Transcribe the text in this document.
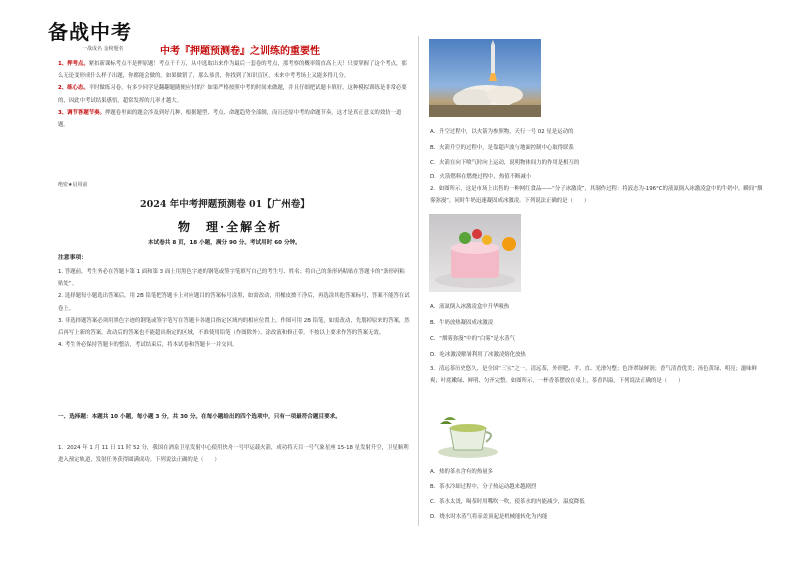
备战中考
一战成名 金榜题名	中考『押题预测卷』之训练的重要性

1、押考点。紧扣新课标考点不是押原题！考点千千万，从中选取出来作为最后一套卷的考点，那考察的概率简直高上天！只要掌握了这个考点，那么无论变形成什么样子出题，你都能会做的。如果做错了，那么恭喜，你找到了知识盲区，未来中考考场上又能多得几分。

2、练心态。平时做练习卷，有多少同学是翻翻题随便应付的？如果严格按照中考的时间来做题，并且仔细把试题卡填好，这种模拟训练是非常必要的，因此中考试结果感悟，超常发挥的几率才越大。

3、调节答题节奏。押题卷里面的题会涉及到好几种，根据题型、考点、命题趋势全部制，而且还原中考的命题节奏，这才是真正意义的效仿一道题。

绝密★启用前
2024 年中考押题预测卷 01【广州卷】
物　理·全解全析
本试卷共 8 页，18 小题，满分 90 分。考试用时 60 分钟。
注意事项：

1. 答题前，考生务必在答题卡第 1 面和第 3 面上用黑色字迹的钢笔或签字笔填写自己的考生号、姓名；将自己的条形码粘贴在答题卡的“条形码粘贴处”。

2. 选择题每小题选出答案后，用 2B 铅笔把答题卡上对应题目的答案标号涂黑，如需改动，用橡皮擦干净后，再选涂其他答案标号，答案不能答在试卷上。

3. 非选择题答案必须用黑色字迹的钢笔或签字笔写在答题卡各题目指定区域内的相应位置上，作图可用 2B 铅笔，如需改动，先划掉原来的答案，然后再写上新的答案，改动后的答案也不能超出指定的区域，不准使用铅笔（作图除外）、涂改液和修正带。不按以上要求作答的答案无效。

4. 考生务必保持答题卡的整洁，考试结束后，将本试卷和答题卡一并交回。

一、选择题：本题共 10 小题，每小题 3 分，共 30 分。在每小题给出的四个选项中，只有一项最符合题目要求。
1．2024 年 1 月 11 日 11 时 52 分，我国在酒泉卫星发射中心使用快舟一号甲运载火箭，成功将天目一号气象星座 15-18 星发射升空，卫星顺利进入预定轨道，发射任务获得圆满成功。下列说法正确的是（　　）
A．升空过程中，以火箭为参照物，天行一号 02 星是运动的
B．火箭升空的过程中，是靠超声波与地面控制中心取得联系
C．火箭在向下喷气时向上运动，说明物体间力的作用是相互的
D．火箭燃料在燃烧过程中，热值不断减小

2．如图所示，这是市场上出售的一种网红食品——“分子冰激凌”，其制作过程：将液态为-196°C的液氮倒入冰激凌盒中的牛奶中，瞬间“烟雾弥漫”，同时牛奶迅速凝固成冰激凌。下列说法正确的是（　　）

A．液氮倒入冰激凌盒中升华吸热
B．牛奶放热凝固成冰激凌
C．“烟雾弥漫”中的“白雾”是水蒸气
D．吃冰激凌解暑利用了冰激凌熔化放热

3．清远茶历史悠久，是全国“三宝”之一。清远茶，外形肥、平、直、光滑匀整；色泽翠绿鲜润；香气清香优美；汤色黄绿、明亮；滋味鲜爽；叶底嫩绿、鲜明、匀齐完整。如图所示，一杯香茶摆放在桌上，茶香四溢，下列说法正确的是（　　）

A．热的茶水含有的热量多
B．茶水冷却过程中，分子热运动越来越剧烈
C．茶水太烫，喝茶时用嘴吹一吹，使茶水的内能减少，温度降低
D．烧水时水蒸气将壶盖顶起是机械能转化为内能
